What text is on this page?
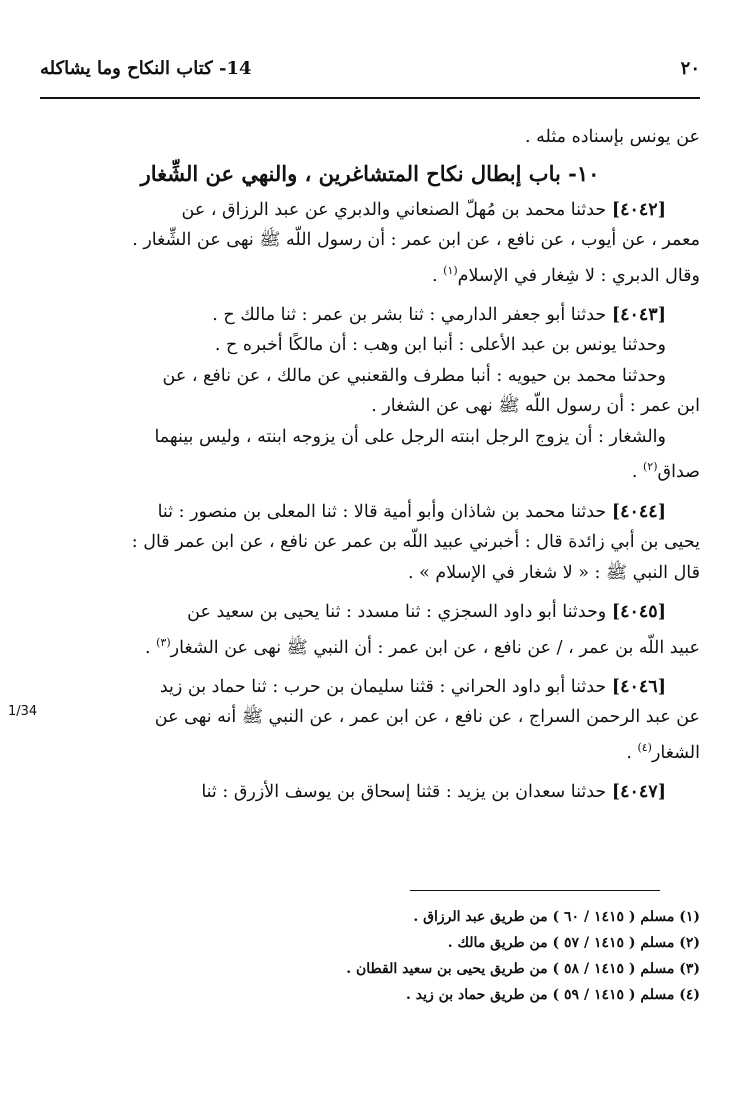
٢٠
14- كتاب النكاح وما يشاكله
عن يونس بإسناده مثله .
١٠- باب إبطال نكاح المتشاغرين ، والنهي عن الشِّغار
[٤٠٤٢] حدثنا محمد بن مُهلّ الصنعاني والدبري عن عبد الرزاق ، عن
معمر ، عن أيوب ، عن نافع ، عن ابن عمر : أن رسول اللّه ﷺ نهى عن الشِّغار .
وقال الدبري : لا شِغار في الإسلام$^{(١)}$ .
[٤٠٤٣] حدثنا أبو جعفر الدارمي : ثنا بشر بن عمر : ثنا مالك ح .
وحدثنا يونس بن عبد الأعلى : أنبا ابن وهب : أن مالكًا أخبره ح .
وحدثنا محمد بن حيويه : أنبا مطرف والقعنبي عن مالك ، عن نافع ، عن
ابن عمر : أن رسول اللّه ﷺ نهى عن الشغار .
والشغار : أن يزوج الرجل ابنته الرجل على أن يزوجه ابنته ، وليس بينهما
صداق$^{(٢)}$ .
[٤٠٤٤] حدثنا محمد بن شاذان وأبو أمية قالا : ثنا المعلى بن منصور : ثنا
يحيى بن أبي زائدة قال : أخبرني عبيد اللّه بن عمر عن نافع ، عن ابن عمر قال :
قال النبي ﷺ : « لا شغار في الإسلام » .
[٤٠٤٥] وحدثنا أبو داود السجزي : ثنا مسدد : ثنا يحيى بن سعيد عن
عبيد اللّه بن عمر ، / عن نافع ، عن ابن عمر : أن النبي ﷺ نهى عن الشغار$^{(٣)}$ .
[٤٠٤٦] حدثنا أبو داود الحراني : قثنا سليمان بن حرب : ثنا حماد بن زيد
عن عبد الرحمن السراج ، عن نافع ، عن ابن عمر ، عن النبي ﷺ أنه نهى عن
الشغار$^{(٤)}$ .
[٤٠٤٧] حدثنا سعدان بن يزيد : قثنا إسحاق بن يوسف الأزرق : ثنا
(١) مسلم ( ١٤١٥ / ٦٠ ) من طريق عبد الرزاق .
(٢) مسلم ( ١٤١٥ / ٥٧ ) من طريق مالك .
(٣) مسلم ( ١٤١٥ / ٥٨ ) من طريق يحيى بن سعيد القطان .
(٤) مسلم ( ١٤١٥ / ٥٩ ) من طريق حماد بن زيد .
1/34
